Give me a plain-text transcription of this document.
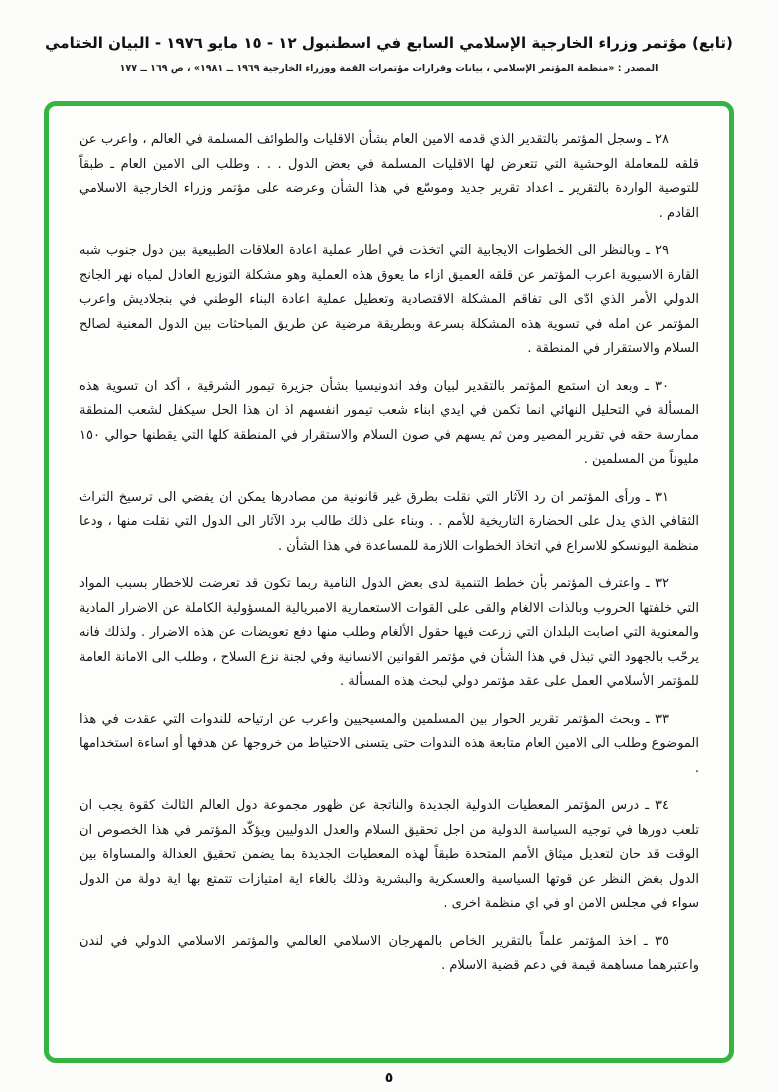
(تابع) مؤتمر وزراء الخارجية الإسلامي السابع في اسطنبول ١٢ - ١٥ مايو ١٩٧٦ - البيان الختامي
المصدر : «منظمة المؤتمر الإسلامي ، بيانات وقرارات مؤتمرات القمة ووزراء الخارجية ١٩٦٩ ــ ١٩٨١» ، ص ١٦٩ ــ ١٧٧

٢٨ ـ وسجل المؤتمر بالتقدير الذي قدمه الامين العام بشأن الاقليات والطوائف المسلمة في العالم ، واعرب عن قلقه للمعاملة الوحشية التي تتعرض لها الاقليات المسلمة في بعض الدول . . . وطلب الى الامين العام ـ طبقاً للتوصية الواردة بالتقرير ـ اعداد تقرير جديد وموسّع في هذا الشأن وعرضه على مؤتمر وزراء الخارجية الاسلامي القادم .

٢٩ ـ وبالنظر الى الخطوات الايجابية التي اتخذت في اطار عملية اعادة العلاقات الطبيعية بين دول جنوب شبه القارة الاسيوية اعرب المؤتمر عن قلقه العميق ازاء ما يعوق هذه العملية وهو مشكلة التوزيع العادل لمياه نهر الجانج الدولي الأمر الذي ادّى الى تفاقم المشكلة الاقتصادية وتعطيل عملية اعادة البناء الوطني في بنجلاديش واعرب المؤتمر عن امله في تسوية هذه المشكلة بسرعة وبطريقة مرضية عن طريق المباحثات بين الدول المعنية لصالح السلام والاستقرار في المنطقة .

٣٠ ـ وبعد ان استمع المؤتمر بالتقدير لبيان وفد اندونيسيا بشأن جزيرة تيمور الشرقية ، أكد ان تسوية هذه المسألة في التحليل النهائي انما تكمن في ايدي ابناء شعب تيمور انفسهم اذ ان هذا الحل سيكفل لشعب المنطقة ممارسة حقه في تقرير المصير ومن ثم يسهم في صون السلام والاستقرار في المنطقة كلها التي يقطنها حوالي ١٥٠ مليوناً من المسلمين .

٣١ ـ ورأى المؤتمر ان رد الآثار التي نقلت بطرق غير قانونية من مصادرها يمكن ان يفضي الى ترسيخ التراث الثقافي الذي يدل على الحضارة التاريخية للأمم . . وبناء على ذلك طالب برد الآثار الى الدول التي نقلت منها ، ودعا منظمة اليونسكو للاسراع في اتخاذ الخطوات اللازمة للمساعدة في هذا الشأن .

٣٢ ـ واعترف المؤتمر بأن خطط التنمية لدى بعض الدول النامية ربما تكون قد تعرضت للاخطار بسبب المواد التي خلفتها الحروب وبالذات الالغام والقى على القوات الاستعمارية الامبريالية المسؤولية الكاملة عن الاضرار المادية والمعنوية التي اصابت البلدان التي زرعت فيها حقول الألغام وطلب منها دفع تعويضات عن هذه الاضرار . ولذلك فانه يرحّب بالجهود التي تبذل في هذا الشأن في مؤتمر القوانين الانسانية وفي لجنة نزع السلاح ، وطلب الى الامانة العامة للمؤتمر الأسلامي العمل على عقد مؤتمر دولي لبحث هذه المسألة .

٣٣ ـ وبحث المؤتمر تقرير الحوار بين المسلمين والمسيحيين واعرب عن ارتياحه للندوات التي عقدت في هذا الموضوع وطلب الى الامين العام متابعة هذه الندوات حتى يتسنى الاحتياط من خروجها عن هدفها أو اساءة استخدامها .

٣٤ ـ درس المؤتمر المعطيات الدولية الجديدة والناتجة عن ظهور مجموعة دول العالم الثالث كقوة يجب ان تلعب دورها في توجيه السياسة الدولية من اجل تحقيق السلام والعدل الدوليين ويؤكّد المؤتمر في هذا الخصوص ان الوقت قد حان لتعديل ميثاق الأمم المتحدة طبقاً لهذه المعطيات الجديدة بما يضمن تحقيق العدالة والمساواة بين الدول بغض النظر عن قوتها السياسية والعسكرية والبشرية وذلك بالغاء اية امتيازات تتمتع بها اية دولة من الدول سواء في مجلس الامن او في اي منظمة اخرى .

٣٥ ـ اخذ المؤتمر علماً بالتقرير الخاص بالمهرجان الاسلامي العالمي والمؤتمر الاسلامي الدولي في لندن واعتبرهما مساهمة قيمة في دعم قضية الاسلام .

٥
